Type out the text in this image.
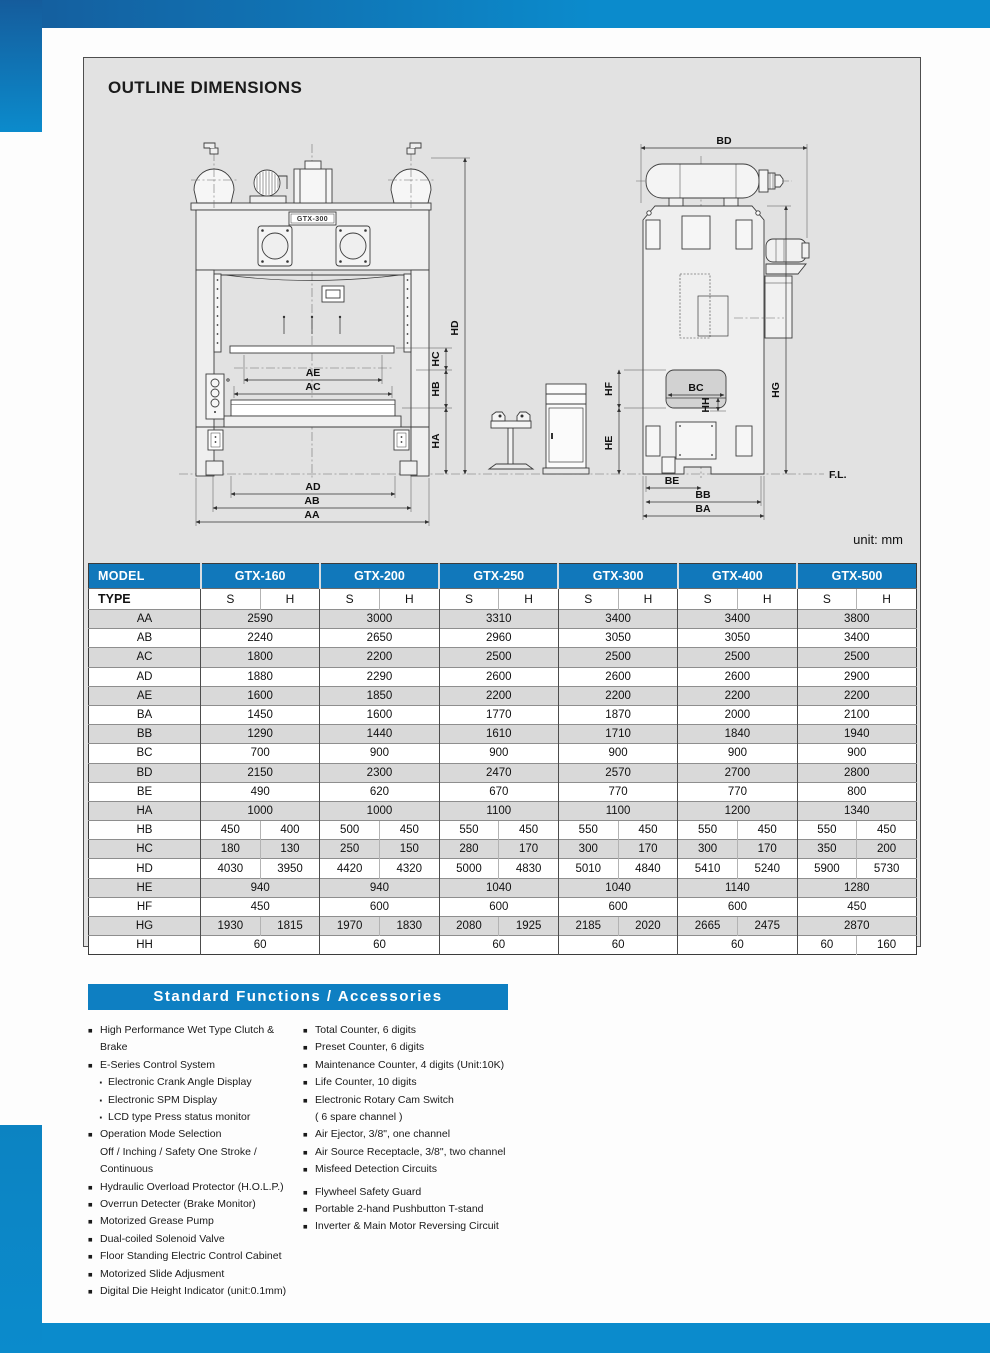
OUTLINE DIMENSIONS
F.L.
GTX-300
AE
AC
AD
AB
AA
HC
HB
HA
HD
BD
BC
HH
HF
HE
HG
BE
BB
BA
unit: mm
MODEL	GTX-160		GTX-200		GTX-250		GTX-300		GTX-400		GTX-500	
TYPE	S	H	S	H	S	H	S	H	S	H	S	H
AA	2590		3000		3310		3400		3400		3800	
AB	2240		2650		2960		3050		3050		3400	
AC	1800		2200		2500		2500		2500		2500	
AD	1880		2290		2600		2600		2600		2900	
AE	1600		1850		2200		2200		2200		2200	
BA	1450		1600		1770		1870		2000		2100	
BB	1290		1440		1610		1710		1840		1940	
BC	700		900		900		900		900		900	
BD	2150		2300		2470		2570		2700		2800	
BE	490		620		670		770		770		800	
HA	1000		1000		1100		1100		1200		1340	
HB	450	400	500	450	550	450	550	450	550	450	550	450
HC	180	130	250	150	280	170	300	170	300	170	350	200
HD	4030	3950	4420	4320	5000	4830	5010	4840	5410	5240	5900	5730
HE	940		940		1040		1040		1140		1280	
HF	450		600		600		600		600		450	
HG	1930	1815	1970	1830	2080	1925	2185	2020	2665	2475	2870	
HH	60		60		60		60		60		60	160
Standard Functions / Accessories
■ High Performance Wet Type Clutch &
Brake
■ E-Series Control System
· Electronic Crank Angle Display
· Electronic SPM Display
· LCD type Press status monitor
■ Operation Mode Selection
Off / Inching / Safety One Stroke /
Continuous
■ Hydraulic Overload Protector (H.O.L.P.)
■ Overrun Detecter (Brake Monitor)
■ Motorized Grease Pump
■ Dual-coiled Solenoid Valve
■ Floor Standing Electric Control Cabinet
■ Motorized Slide Adjusment
■ Digital Die Height Indicator (unit:0.1mm)
■ Total Counter, 6 digits
■ Preset Counter, 6 digits
■ Maintenance Counter, 4 digits (Unit:10K)
■ Life Counter, 10 digits
■ Electronic Rotary Cam Switch
( 6 spare channel )
■ Air Ejector, 3/8", one channel
■ Air Source Receptacle, 3/8", two channel
■ Misfeed Detection Circuits
■ Flywheel Safety Guard
■ Portable 2-hand Pushbutton T-stand
■ Inverter & Main Motor Reversing Circuit
